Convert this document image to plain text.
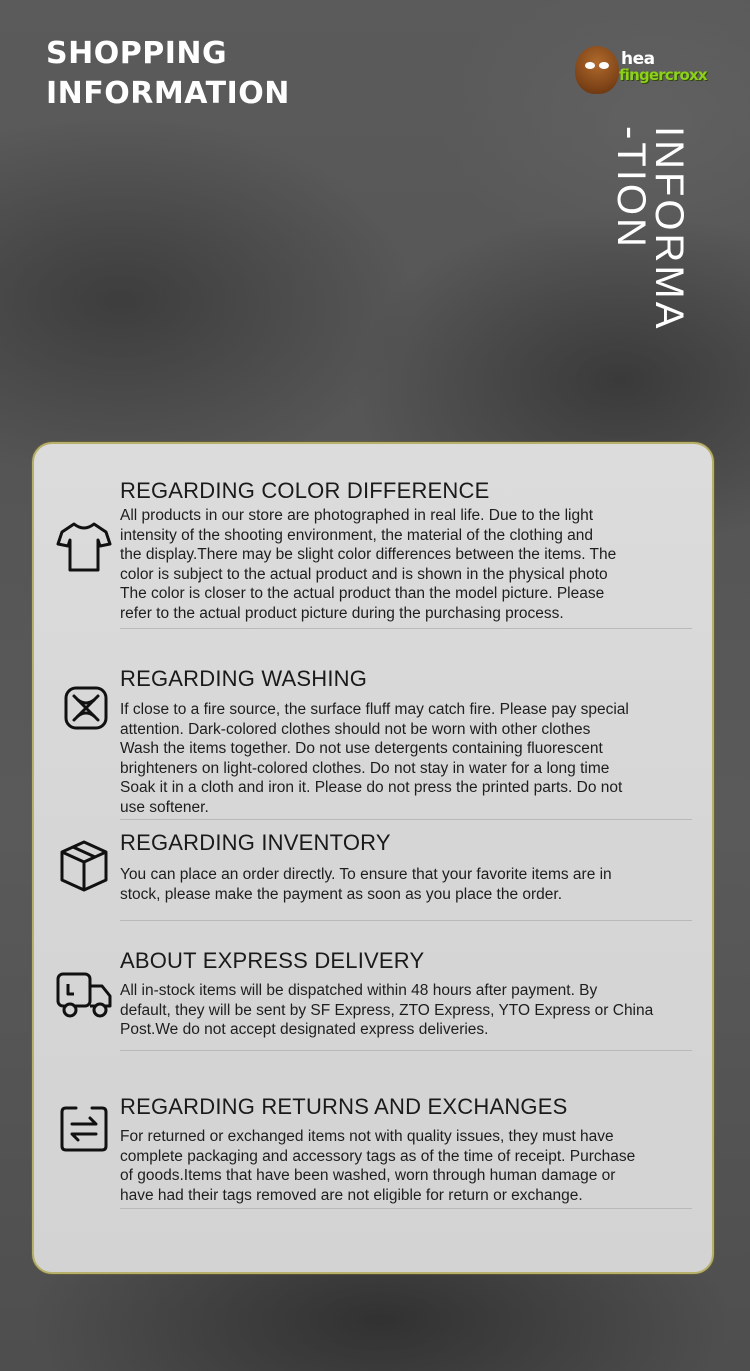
SHOPPING
INFORMATION
hea
fingercroxx
INFORMA
-TION
REGARDING COLOR DIFFERENCE

All products in our store are photographed in real life. Due to the light
intensity of the shooting environment, the material of the clothing and
the display.There may be slight color differences between the items. The
color is subject to the actual product and is shown in the physical photo
The color is closer to the actual product than the model picture. Please
refer to the actual product picture during the purchasing process.

REGARDING WASHING

If close to a fire source, the surface fluff may catch fire. Please pay special
attention. Dark-colored clothes should not be worn with other clothes
Wash the items together. Do not use detergents containing fluorescent
brighteners on light-colored clothes. Do not stay in water for a long time
Soak it in a cloth and iron it. Please do not press the printed parts. Do not
use softener.

REGARDING INVENTORY

You can place an order directly. To ensure that your favorite items are in
stock, please make the payment as soon as you place the order.

ABOUT EXPRESS DELIVERY

All in-stock items will be dispatched within 48 hours after payment. By
default, they will be sent by SF Express, ZTO Express, YTO Express or China
Post.We do not accept designated express deliveries.

REGARDING RETURNS AND EXCHANGES

For returned or exchanged items not with quality issues, they must have
complete packaging and accessory tags as of the time of receipt. Purchase
of goods.Items that have been washed, worn through human damage or
have had their tags removed are not eligible for return or exchange.
